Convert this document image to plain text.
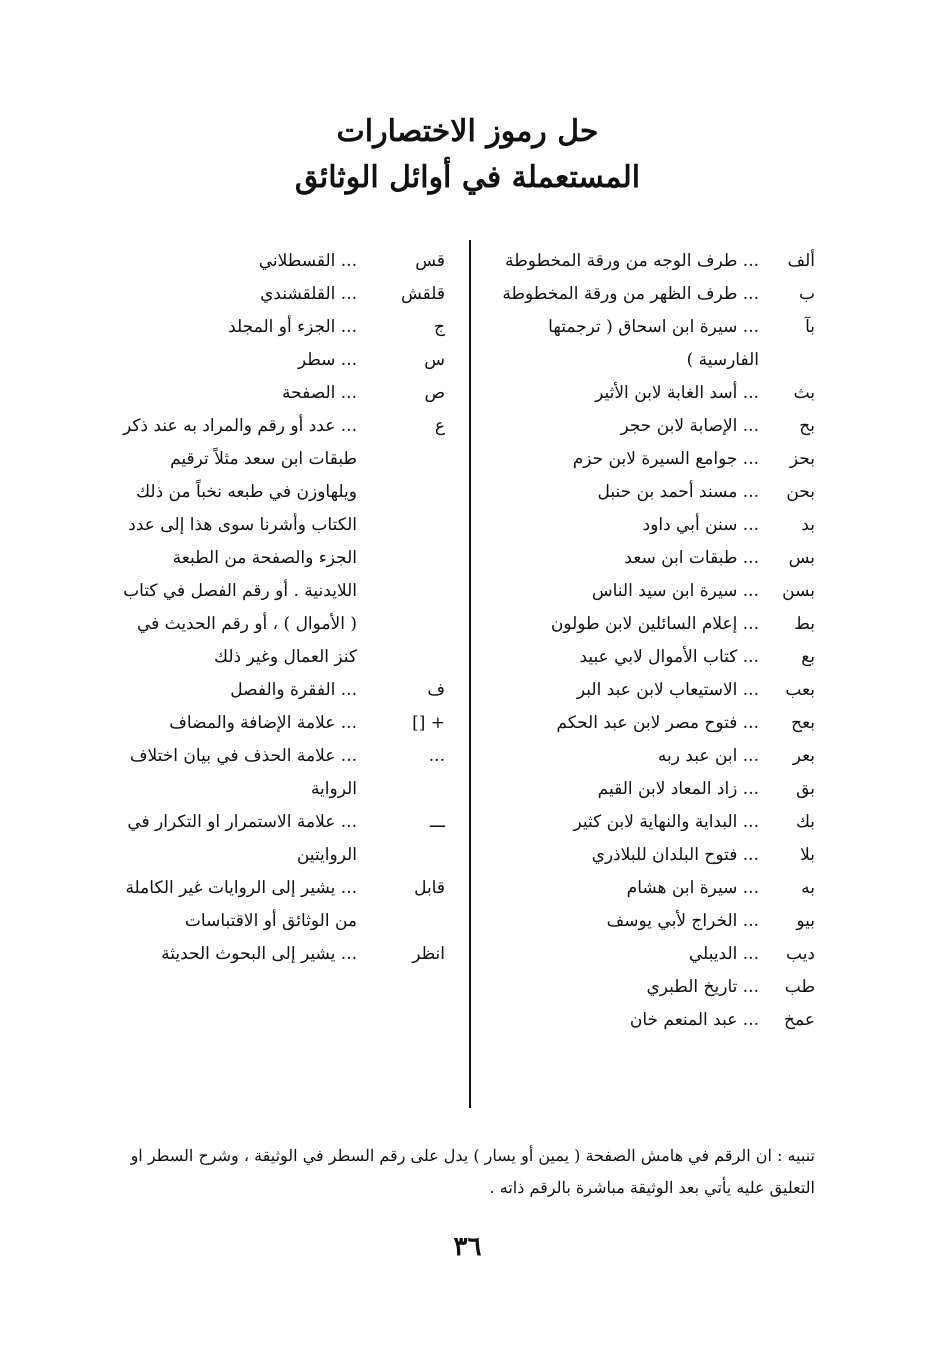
حل رموز الاختصارات
المستعملة في أوائل الوثائق
ألف
... طرف الوجه من ورقة المخطوطة
ب
... طرف الظهر من ورقة المخطوطة
بآ
... سيرة ابن اسحاق ( ترجمتها الفارسية )
بث
... أسد الغابة لابن الأثير
بح
... الإصابة لابن حجر
بحز
... جوامع السيرة لابن حزم
بحن
... مسند أحمد بن حنبل
بد
... سنن أبي داود
بس
... طبقات ابن سعد
بسن
... سيرة ابن سيد الناس
بط
... إعلام السائلين لابن طولون
بع
... كتاب الأموال لابي عبيد
بعب
... الاستيعاب لابن عبد البر
بعح
... فتوح مصر لابن عبد الحكم
بعر
... ابن عبد ربه
بق
... زاد المعاد لابن القيم
بك
... البداية والنهاية لابن كثير
بلا
... فتوح البلدان للبلاذري
به
... سيرة ابن هشام
بيو
... الخراج لأبي يوسف
ديب
... الديبلي
طب
... تاريخ الطبري
عمخ
... عبد المنعم خان
قس
... القسطلاني
قلقش
... القلقشندي
ج
... الجزء أو المجلد
س
... سطر
ص
... الصفحة
ع
... عدد أو رقم والمراد به عند ذكر طبقات ابن سعد مثلاً ترقيم ويلهاوزن في طبعه نخباً من ذلك الكتاب وأشرنا سوى هذا إلى عدد الجزء والصفحة من الطبعة اللايدنية . أو رقم الفصل في كتاب ( الأموال ) ، أو رقم الحديث في كنز العمال وغير ذلك
ف
... الفقرة والفصل
+ []
... علامة الإضافة والمضاف
...
... علامة الحذف في بيان اختلاف الرواية
ـــ
... علامة الاستمرار او التكرار في الروايتين
قابل
... يشير إلى الروايات غير الكاملة من الوثائق أو الاقتباسات
انظر
... يشير إلى البحوث الحديثة
تنبيه : ان الرقم في هامش الصفحة ( يمين أو يسار ) يدل على رقم السطر في الوثيقة ، وشرح السطر او التعليق عليه يأتي بعد الوثيقة مباشرة بالرقم ذاته .
٣٦
